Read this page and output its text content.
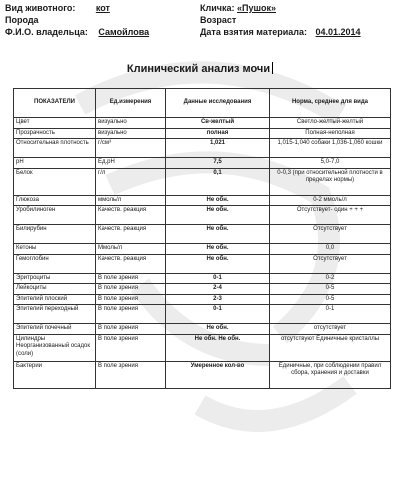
Вид животного: кот	Кличка: «Пушок»
Порода	Возраст
Ф.И.О. владельца: Самойлова	Дата взятия материала: 04.01.2014
Клинический анализ мочи
ПОКАЗАТЕЛИ	Ед.измерения	Данные исследования	Норма, среднее для вида
Цвет	визуально	Св-желтый	Светло-желтый-желтый
Прозрачность	визуально	полная	Полная-неполная
Относительная плотность	г/см³	1,021	1,015-1,040 собаки 1,036-1,060 кошки
pH	Ед.pH	7,5	5,0-7,0
Белок	г/л	0,1	0-0,3 (при относительной плотности в пределах нормы)
Глюкоза	ммоль/л	Не обн.	0-2 ммоль/л
Уробилиноген	Качеств. реакция	Не обн.	Отсутствует- один + + +
Билирубин	Качеств. реакция	Не обн.	Отсутствует
Кетоны	Ммоль/л	Не обн.	0,0
Гемоглобин	Качеств. реакция	Не обн.	Отсутствует
Эритроциты	В поле зрения	0-1	0-2
Лейкоциты	В поле зрения	2-4	0-5
Эпителий плоский	В поле зрения	2-3	0-5
Эпителий переходный	В поле зрения	0-1	0-1
Эпителий почечный	В поле зрения	Не обн.	отсутствует
Цилиндры Неорганизованный осадок (соли)	В поле зрения	Не обн. Не обн.	отсутствуют Единичные кристаллы
Бактерии	В поле зрения	Умеренное кол-во	Единичные, при соблюдении правил сбора, хранения и доставки
